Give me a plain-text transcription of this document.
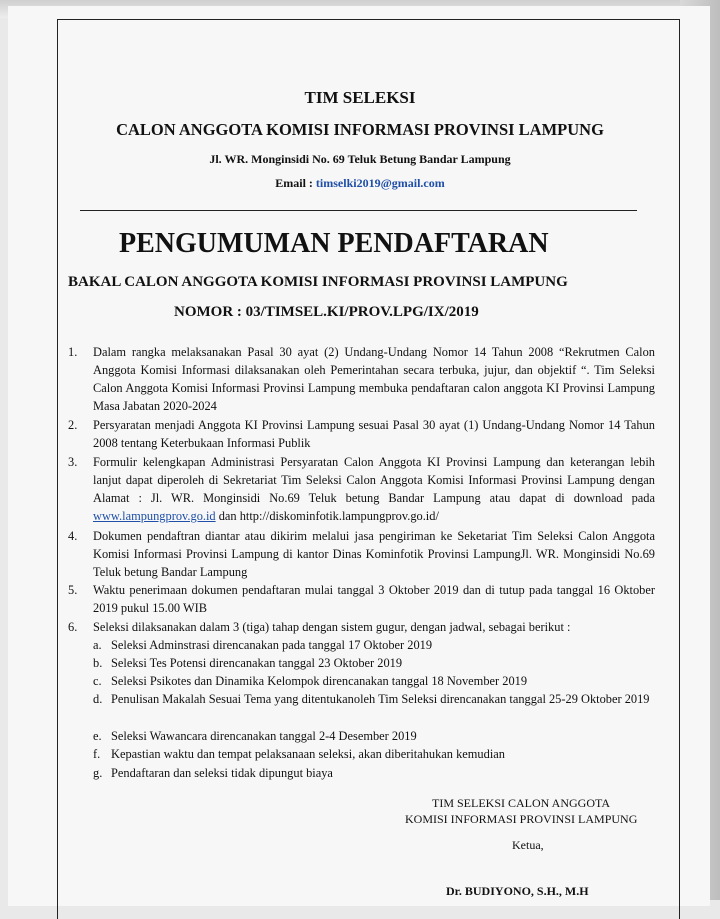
TIM SELEKSI
CALON ANGGOTA KOMISI INFORMASI PROVINSI LAMPUNG
Jl. WR. Monginsidi No. 69 Teluk Betung Bandar Lampung
Email : timselki2019@gmail.com
PENGUMUMAN PENDAFTARAN
BAKAL CALON ANGGOTA KOMISI INFORMASI PROVINSI LAMPUNG
NOMOR : 03/TIMSEL.KI/PROV.LPG/IX/2019
1.	Dalam rangka melaksanakan Pasal 30 ayat (2) Undang-Undang Nomor 14 Tahun 2008 “Rekrutmen Calon Anggota Komisi Informasi dilaksanakan oleh Pemerintahan secara terbuka, jujur, dan objektif “. Tim Seleksi Calon Anggota Komisi Informasi Provinsi Lampung membuka pendaftaran calon anggota KI Provinsi Lampung Masa Jabatan 2020-2024
2.	Persyaratan menjadi Anggota KI Provinsi Lampung sesuai Pasal 30 ayat (1) Undang-Undang Nomor 14 Tahun 2008 tentang Keterbukaan Informasi Publik
3.	Formulir kelengkapan Administrasi Persyaratan Calon Anggota KI Provinsi Lampung dan keterangan lebih lanjut dapat diperoleh di Sekretariat Tim Seleksi Calon Anggota Komisi Informasi Provinsi Lampung dengan Alamat : Jl. WR. Monginsidi No.69 Teluk betung Bandar Lampung atau dapat di download pada www.lampungprov.go.id dan http://diskominfotik.lampungprov.go.id/
4.	Dokumen pendaftran diantar atau dikirim melalui jasa pengiriman ke Seketariat Tim Seleksi Calon Anggota Komisi Informasi Provinsi Lampung di kantor Dinas Kominfotik Provinsi LampungJl. WR. Monginsidi No.69 Teluk betung Bandar Lampung
5.	Waktu penerimaan dokumen pendaftaran mulai tanggal 3 Oktober 2019 dan di tutup pada tanggal 16 Oktober 2019 pukul 15.00 WIB
6.	Seleksi dilaksanakan dalam 3 (tiga) tahap dengan sistem gugur, dengan jadwal, sebagai berikut :
a. Seleksi Adminstrasi direncanakan pada tanggal 17 Oktober 2019
b. Seleksi Tes Potensi direncanakan tanggal 23 Oktober 2019
c. Seleksi Psikotes dan Dinamika Kelompok direncanakan tanggal 18 November 2019
d. Penulisan Makalah Sesuai Tema yang ditentukanoleh Tim Seleksi direncanakan tanggal 25-29 Oktober 2019
e. Seleksi Wawancara direncanakan tanggal 2-4 Desember 2019
f. Kepastian waktu dan tempat pelaksanaan seleksi, akan diberitahukan kemudian
g. Pendaftaran dan seleksi tidak dipungut biaya
TIM SELEKSI CALON ANGGOTA
KOMISI INFORMASI PROVINSI LAMPUNG
Ketua,
Dr. BUDIYONO, S.H., M.H
